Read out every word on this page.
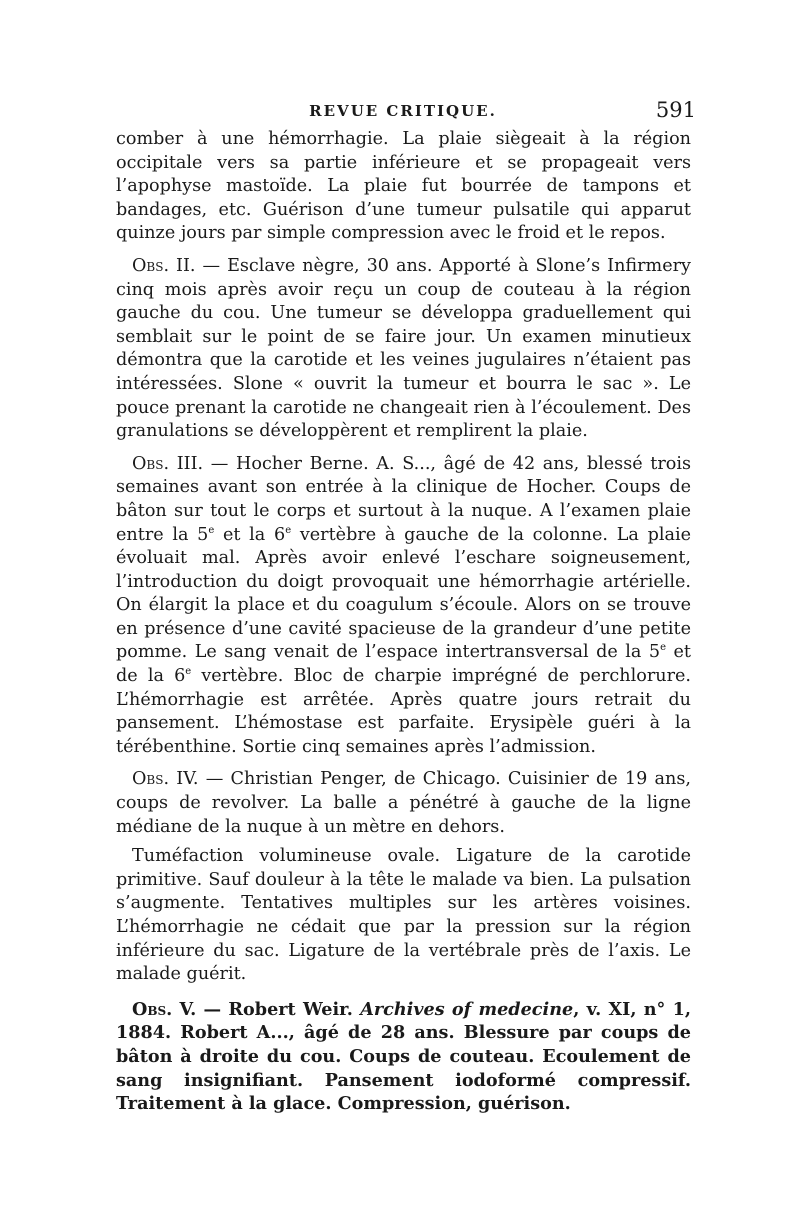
REVUE CRITIQUE.	591

comber à une hémorrhagie. La plaie siègeait à la région occipitale vers sa partie inférieure et se propageait vers l’apophyse mastoïde. La plaie fut bourrée de tampons et bandages, etc. Guérison d’une tumeur pulsatile qui apparut quinze jours par simple compression avec le froid et le repos.

Obs. II. — Esclave nègre, 30 ans. Apporté à Slone’s Infirmery cinq mois après avoir reçu un coup de couteau à la région gauche du cou. Une tumeur se développa graduellement qui semblait sur le point de se faire jour. Un examen minutieux démontra que la carotide et les veines jugulaires n’étaient pas intéressées. Slone « ouvrit la tumeur et bourra le sac ». Le pouce prenant la carotide ne changeait rien à l’écoulement. Des granulations se développèrent et remplirent la plaie.

Obs. III. — Hocher Berne. A. S..., âgé de 42 ans, blessé trois semaines avant son entrée à la clinique de Hocher. Coups de bâton sur tout le corps et surtout à la nuque. A l’examen plaie entre la 5e et la 6e vertèbre à gauche de la colonne. La plaie évoluait mal. Après avoir enlevé l’eschare soigneusement, l’introduction du doigt provoquait une hémorrhagie artérielle. On élargit la place et du coagulum s’écoule. Alors on se trouve en présence d’une cavité spacieuse de la grandeur d’une petite pomme. Le sang venait de l’espace intertransversal de la 5e et de la 6e vertèbre. Bloc de charpie imprégné de perchlorure. L’hémorrhagie est arrêtée. Après quatre jours retrait du pansement. L’hémostase est parfaite. Erysipèle guéri à la térébenthine. Sortie cinq semaines après l’admission.

Obs. IV. — Christian Penger, de Chicago. Cuisinier de 19 ans, coups de revolver. La balle a pénétré à gauche de la ligne médiane de la nuque à un mètre en dehors.

Tuméfaction volumineuse ovale. Ligature de la carotide primitive. Sauf douleur à la tête le malade va bien. La pulsation s’augmente. Tentatives multiples sur les artères voisines. L’hémorrhagie ne cédait que par la pression sur la région inférieure du sac. Ligature de la vertébrale près de l’axis. Le malade guérit.

Obs. V. — Robert Weir. Archives of medecine, v. XI, n° 1, 1884. Robert A..., âgé de 28 ans. Blessure par coups de bâton à droite du cou. Coups de couteau. Ecoulement de sang insignifiant. Pansement iodoformé compressif. Traitement à la glace. Compression, guérison.
